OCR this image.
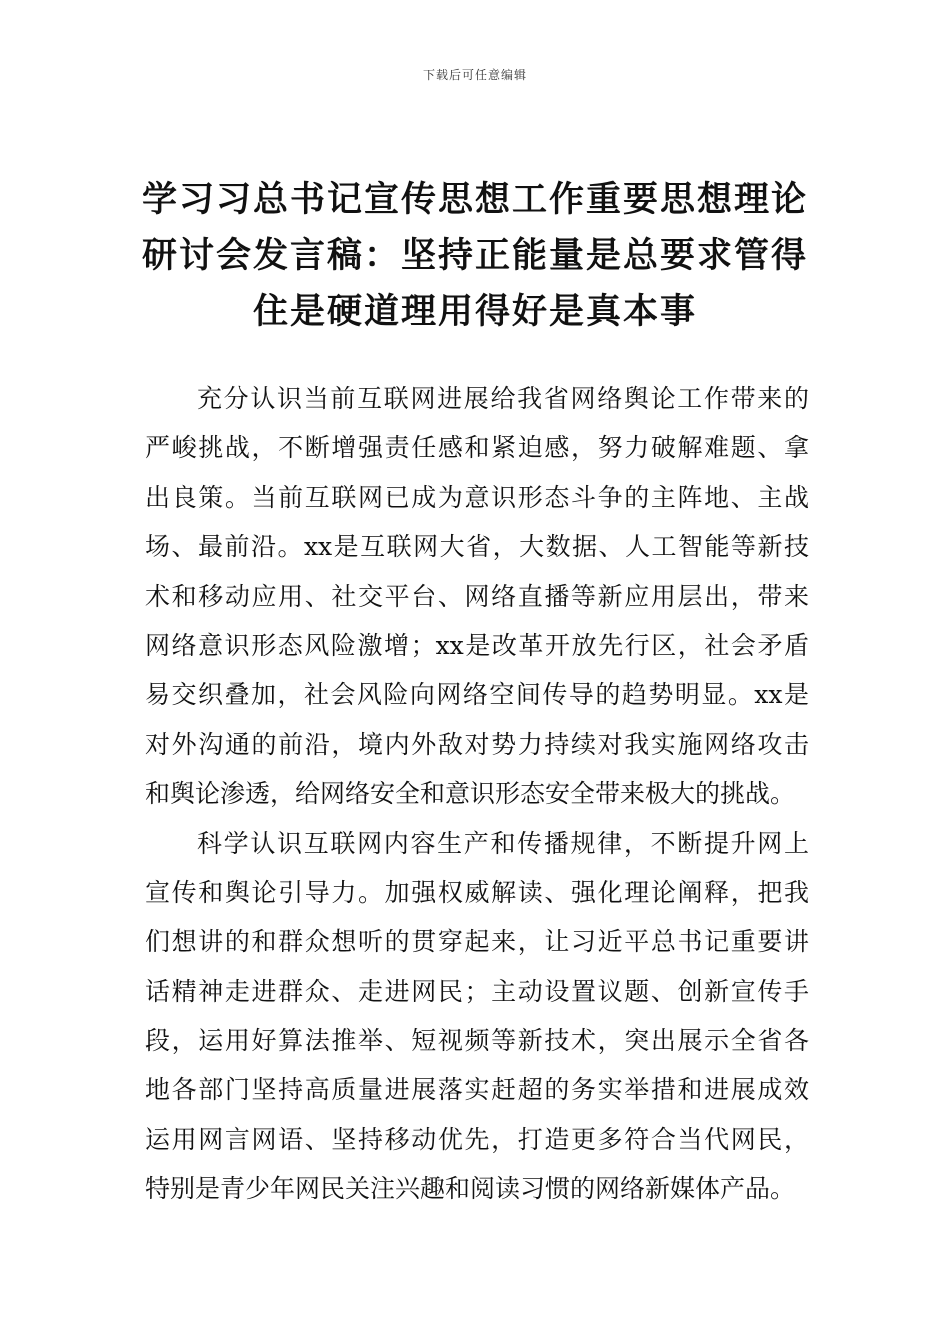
下载后可任意编辑
学习习总书记宣传思想工作重要思想理论
研讨会发言稿：坚持正能量是总要求管得
住是硬道理用得好是真本事

充分认识当前互联网进展给我省网络舆论工作带来的
严峻挑战，不断增强责任感和紧迫感，努力破解难题、拿
出良策。当前互联网已成为意识形态斗争的主阵地、主战
场、最前沿。xx是互联网大省，大数据、人工智能等新技
术和移动应用、社交平台、网络直播等新应用层出，带来
网络意识形态风险激增；xx是改革开放先行区，社会矛盾
易交织叠加，社会风险向网络空间传导的趋势明显。xx是
对外沟通的前沿，境内外敌对势力持续对我实施网络攻击
和舆论渗透，给网络安全和意识形态安全带来极大的挑战。

科学认识互联网内容生产和传播规律，不断提升网上
宣传和舆论引导力。加强权威解读、强化理论阐释，把我
们想讲的和群众想听的贯穿起来，让习近平总书记重要讲
话精神走进群众、走进网民；主动设置议题、创新宣传手
段，运用好算法推举、短视频等新技术，突出展示全省各
地各部门坚持高质量进展落实赶超的务实举措和进展成效
运用网言网语、坚持移动优先，打造更多符合当代网民，
特别是青少年网民关注兴趣和阅读习惯的网络新媒体产品。
